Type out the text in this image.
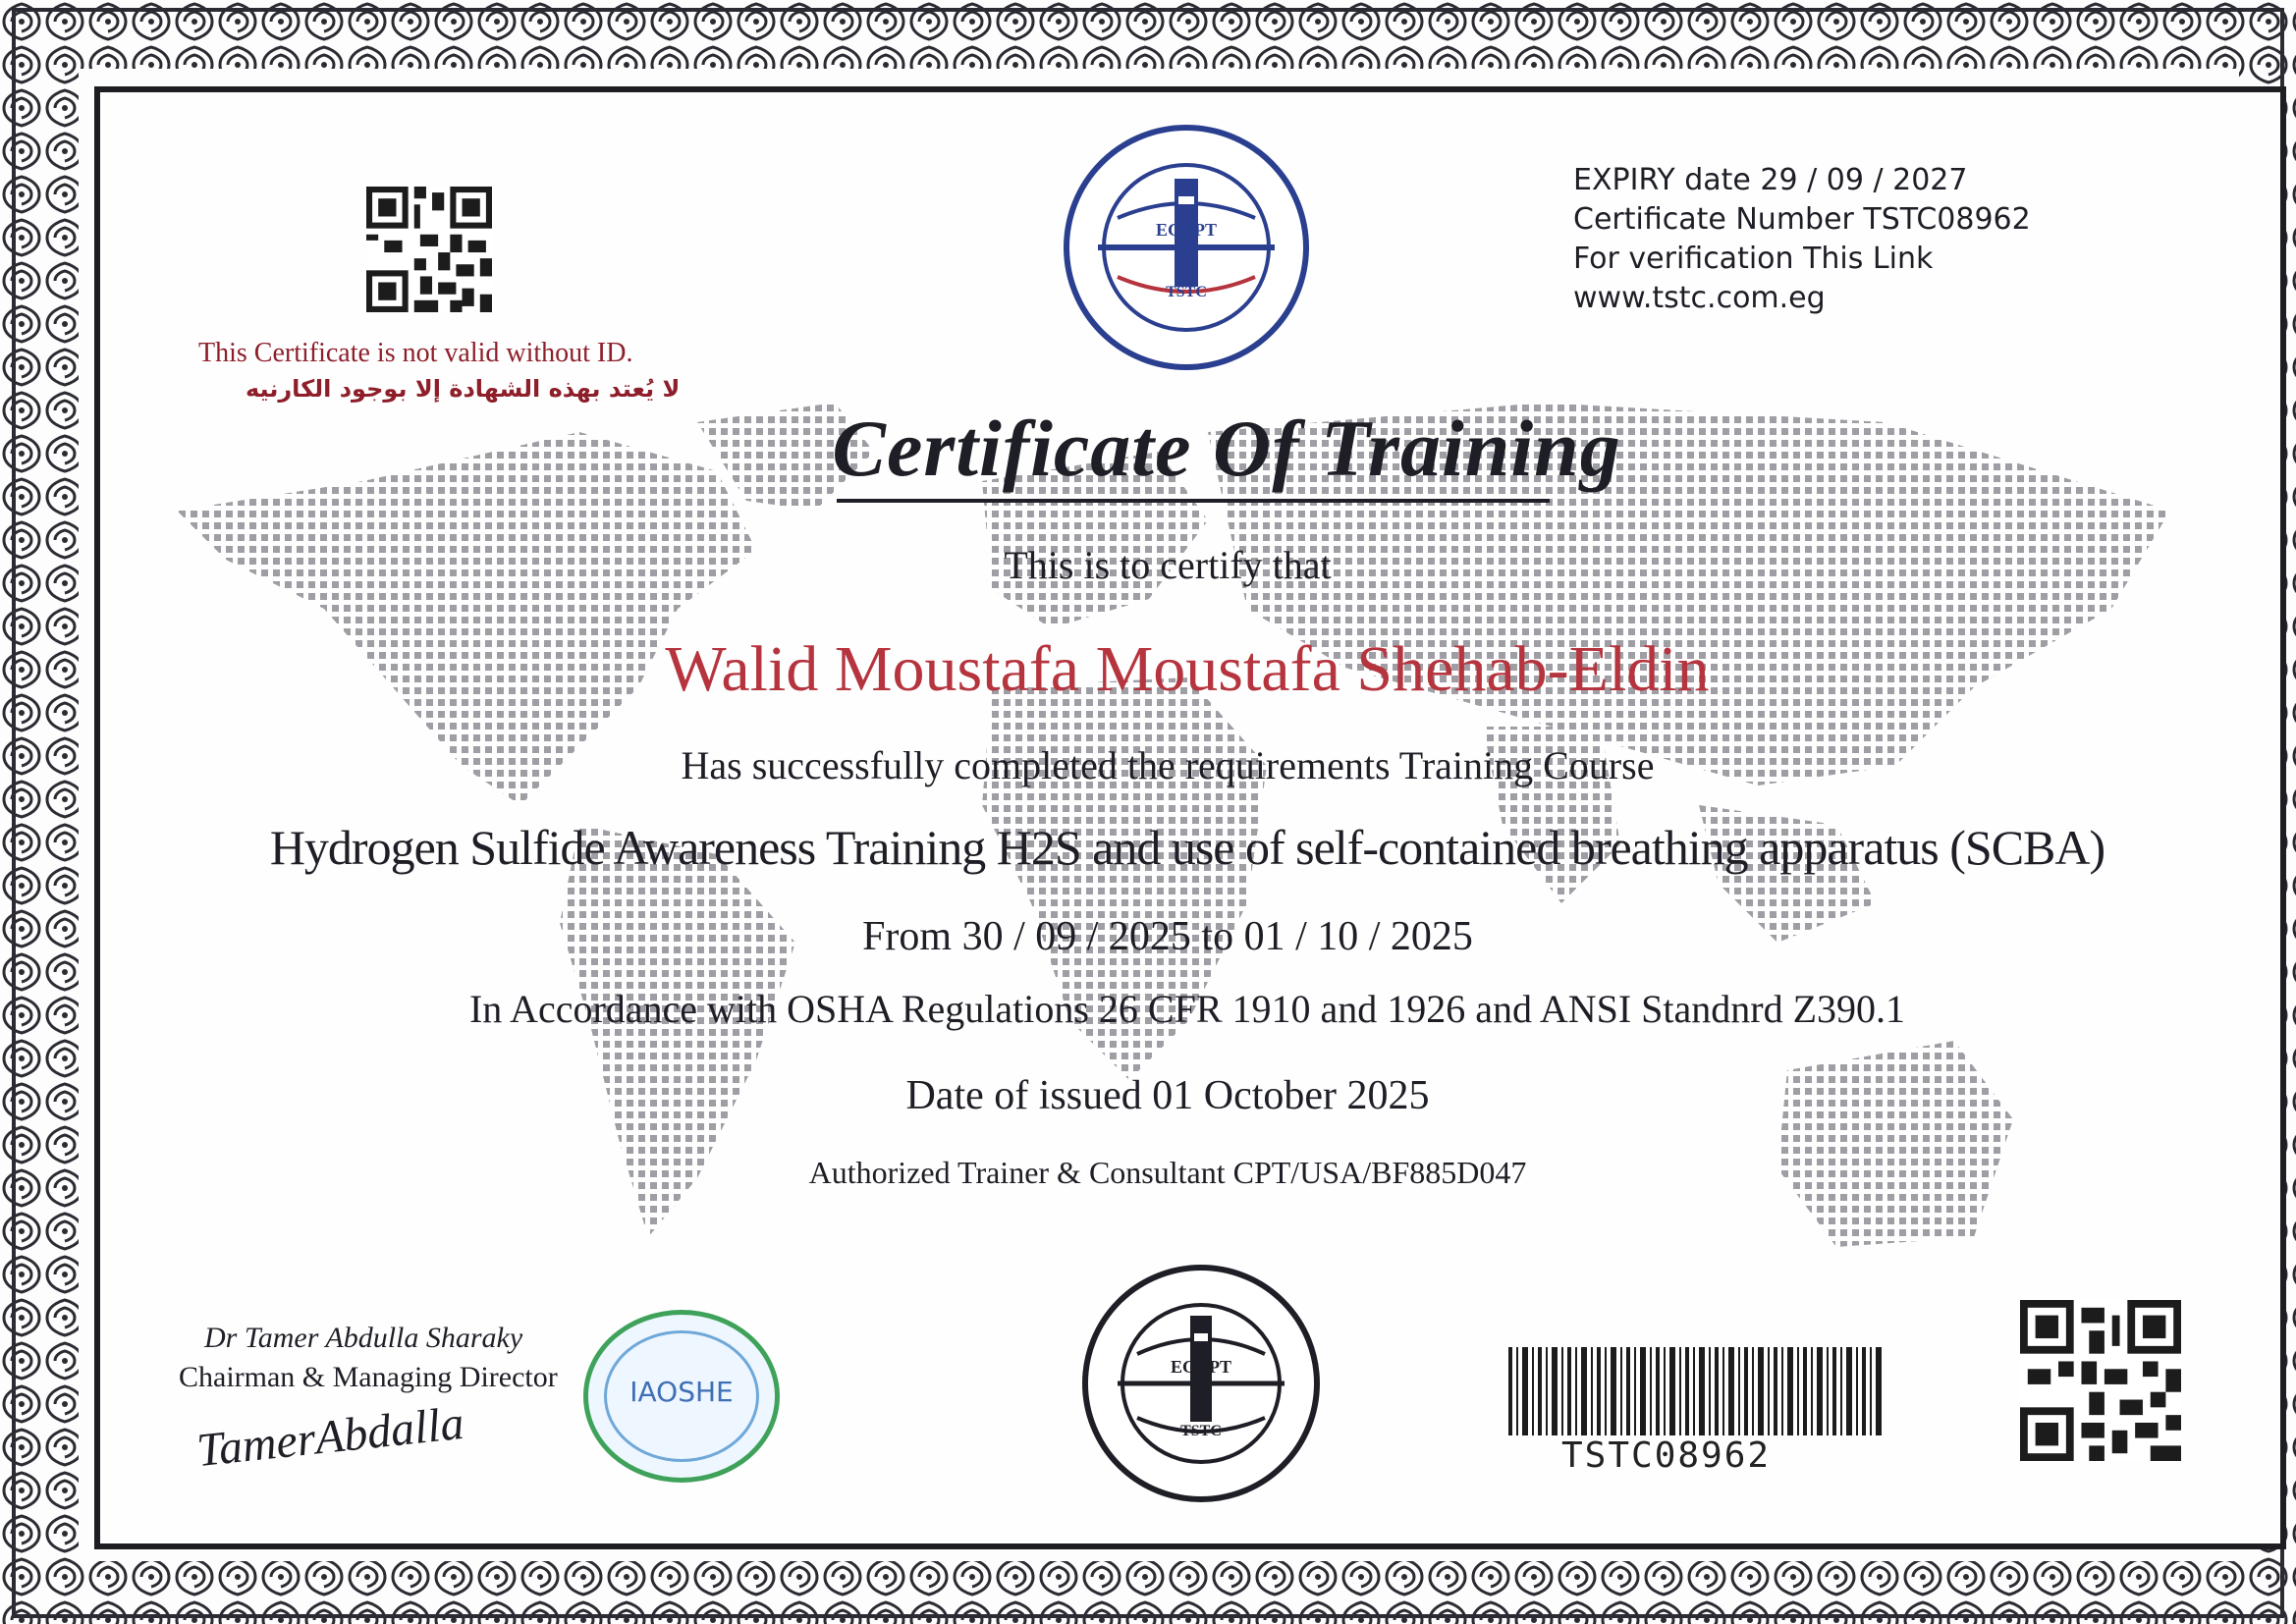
This Certificate is not valid without ID.
لا يُعتد بهذه الشهادة إلا بوجود الكارنيه
EGYPT
TSTC
EXPIRY date 29 / 09 / 2027
Certificate Number TSTC08962
For verification This Link
www.tstc.com.eg
Certificate Of Training
This is to certify that
Walid Moustafa Moustafa Shehab-Eldin
Has successfully completed the requirements Training Course
Hydrogen Sulfide Awareness Training H2S and use of self-contained breathing apparatus (SCBA)
From 30 / 09 / 2025 to 01 / 10 / 2025
In Accordance with OSHA Regulations 26 CFR 1910 and 1926 and ANSI Standnrd Z390.1
Date of issued 01 October 2025
Authorized Trainer & Consultant CPT/USA/BF885D047
Dr Tamer Abdulla Sharaky
Chairman & Managing Director
TamerAbdalla
IAOSHE
EGYPT
TSTC
TSTC08962
